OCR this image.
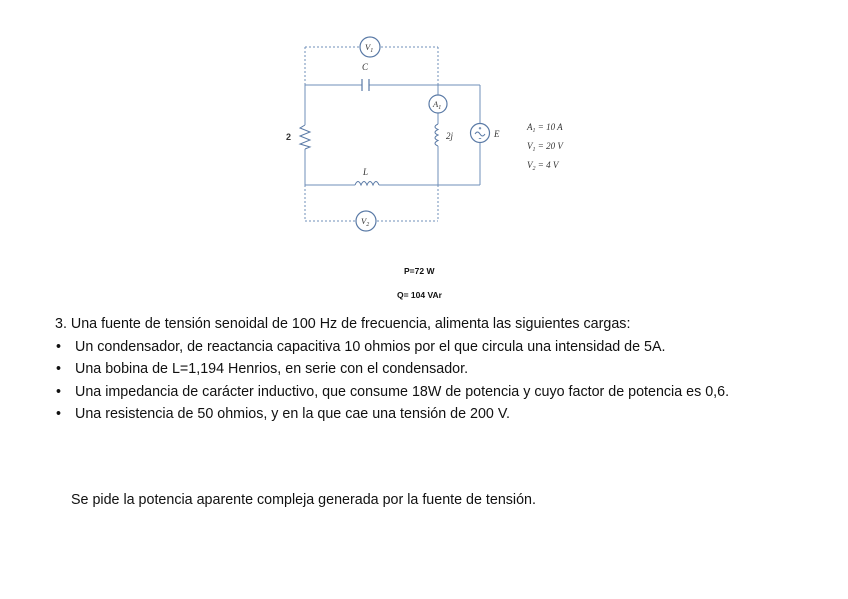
$V_1$
$A_1$
$V_2$
C
2
L
2j	E
$A_1 = 10$ A
$V_1 = 20$ V
$V_2 = 4$ V
P=72 W
Q= 104 VAr

3. Una fuente de tensión senoidal de 100 Hz de frecuencia, alimenta las siguientes cargas:

• Un condensador, de reactancia capacitiva 10 ohmios por el que circula una intensidad de 5A.
• Una bobina de L=1,194 Henrios, en serie con el condensador.
• Una impedancia de carácter inductivo, que consume 18W de potencia y cuyo factor de potencia es 0,6.
• Una resistencia de 50 ohmios, y en la que cae una tensión de 200 V.
Se pide la potencia aparente compleja generada por la fuente de tensión.
